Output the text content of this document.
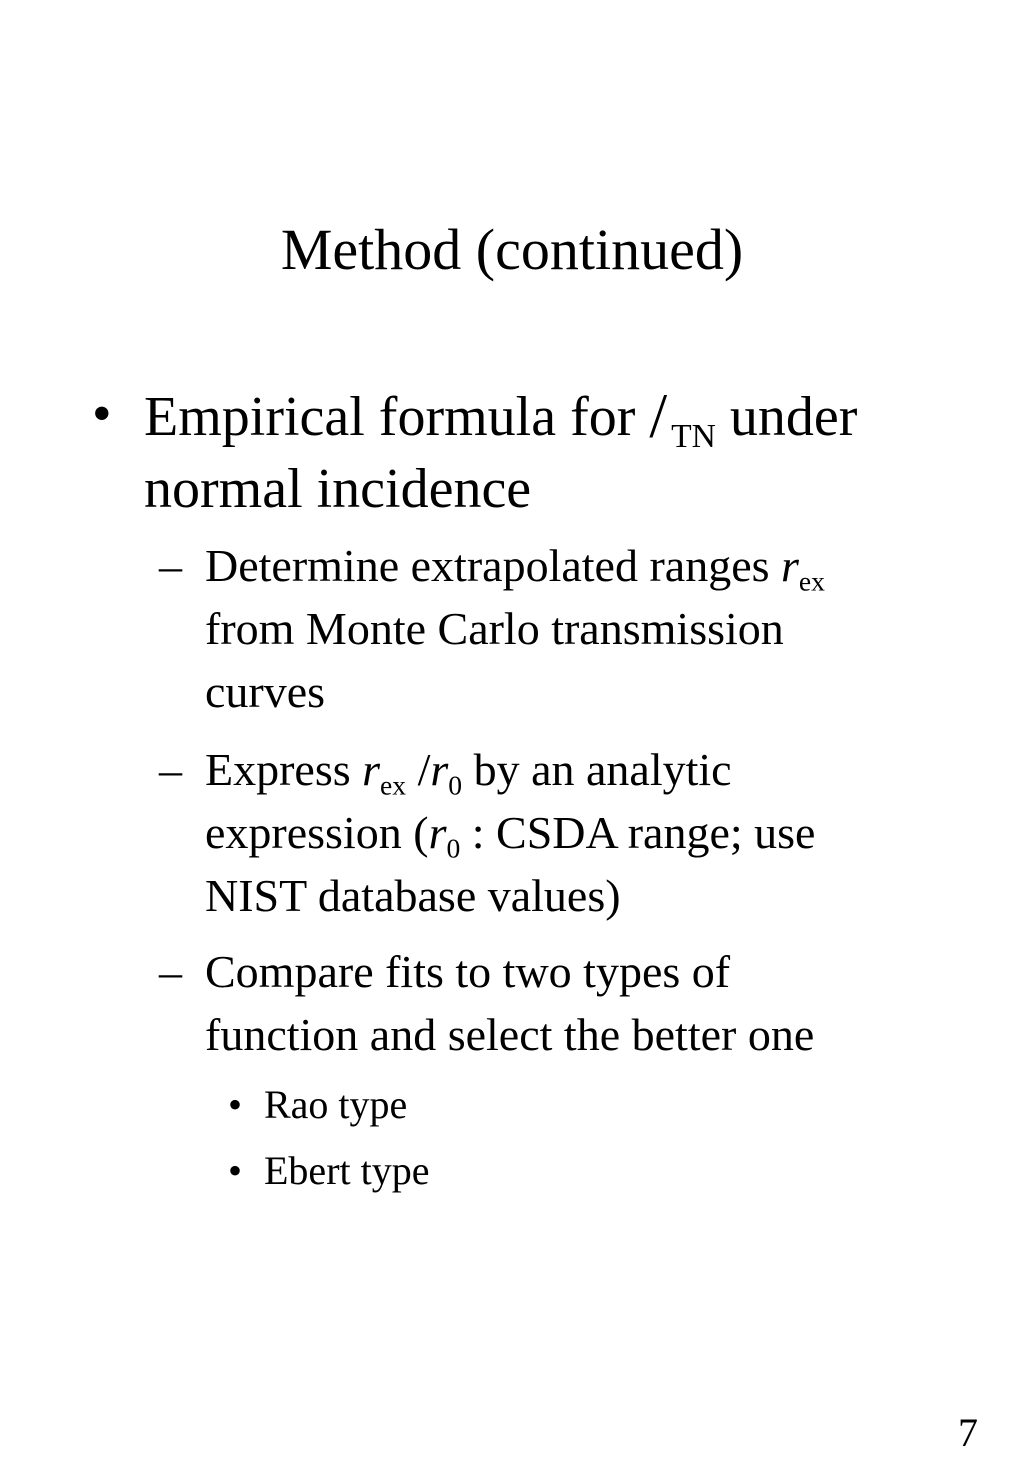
Method (continued)
• Empirical formula for / $_{TN}$ under
normal incidence
– Determine extrapolated ranges $r_{ex}$
from Monte Carlo transmission
curves
– Express $r_{ex}$ $/r_0$ by an analytic
expression ($r_0$ : CSDA range; use
NIST database values)
– Compare fits to two types of
function and select the better one
• Rao type
• Ebert type
7
